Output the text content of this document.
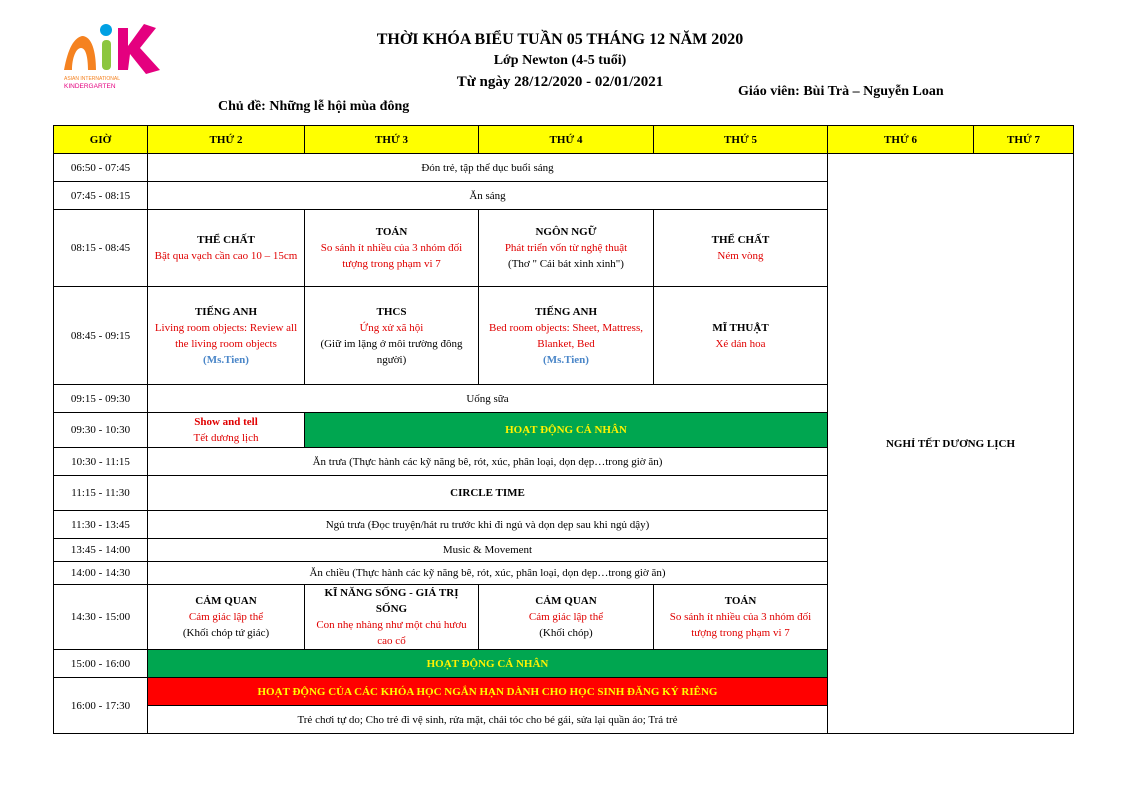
ASIAN INTERNATIONAL
KINDERGARTEN
THỜI KHÓA BIỂU TUẦN 05 THÁNG 12 NĂM 2020
Lớp Newton (4-5 tuổi)
Từ ngày 28/12/2020 - 02/01/2021
Giáo viên: Bùi Trà – Nguyễn Loan
Chủ đề: Những lễ hội mùa đông
GIỜ	THỨ 2	THỨ 3	THỨ 4	THỨ 5	THỨ 6	THỨ 7
06:50 - 07:45	Đón trẻ, tập thể dục buổi sáng				NGHỈ TẾT DƯƠNG LỊCH	
07:45 - 08:15	Ăn sáng					
08:15 - 08:45	THỂ CHẤT
Bật qua vạch cần cao 10 – 15cm	TOÁN
So sánh ít nhiều của 3 nhóm đối tượng trong phạm vi 7	NGÔN NGỮ
Phát triển vốn từ nghệ thuật
(Thơ " Cái bát xinh xinh")	THỂ CHẤT
Ném vòng		

08:45 - 09:15	TIẾNG ANH
Living room objects: Review all the living room objects
(Ms.Tien)	THCS
Ứng xử xã hội
(Giữ im lặng ở môi trường đông người)	TIẾNG ANH
Bed room objects: Sheet, Mattress, Blanket, Bed
(Ms.Tien)	MĨ THUẬT
Xé dán hoa		

09:15 - 09:30	Uống sữa					
09:30 - 10:30	Show and tell
Tết dương lịch	HOẠT ĐỘNG CÁ NHÂN				
10:30 - 11:15	Ăn trưa (Thực hành các kỹ năng bê, rót, xúc, phân loại, dọn dẹp…trong giờ ăn)					
11:15 - 11:30	CIRCLE TIME					
11:30 - 13:45	Ngủ trưa (Đọc truyện/hát ru trước khi đi ngủ và dọn dẹp sau khi ngủ dậy)					
13:45 - 14:00	Music & Movement					
14:00 - 14:30	Ăn chiều (Thực hành các kỹ năng bê, rót, xúc, phân loại, dọn dẹp…trong giờ ăn)					
14:30 - 15:00	CẢM QUAN
Cảm giác lập thể
(Khối chóp tứ giác)	KĨ NĂNG SỐNG - GIÁ TRỊ SỐNG
Con nhẹ nhàng như một chú hươu cao cổ	CẢM QUAN
Cảm giác lập thể
(Khối chóp)	TOÁN
So sánh ít nhiều của 3 nhóm đối tượng trong phạm vi 7		

15:00 - 16:00	HOẠT ĐỘNG CÁ NHÂN					
16:00 - 17:30	HOẠT ĐỘNG CỦA CÁC KHÓA HỌC NGẮN HẠN DÀNH CHO HỌC SINH ĐĂNG KÝ RIÊNG					
	Trẻ chơi tự do; Cho trẻ đi vệ sinh, rửa mặt, chải tóc cho bé gái, sửa lại quần áo; Trả trẻ					
